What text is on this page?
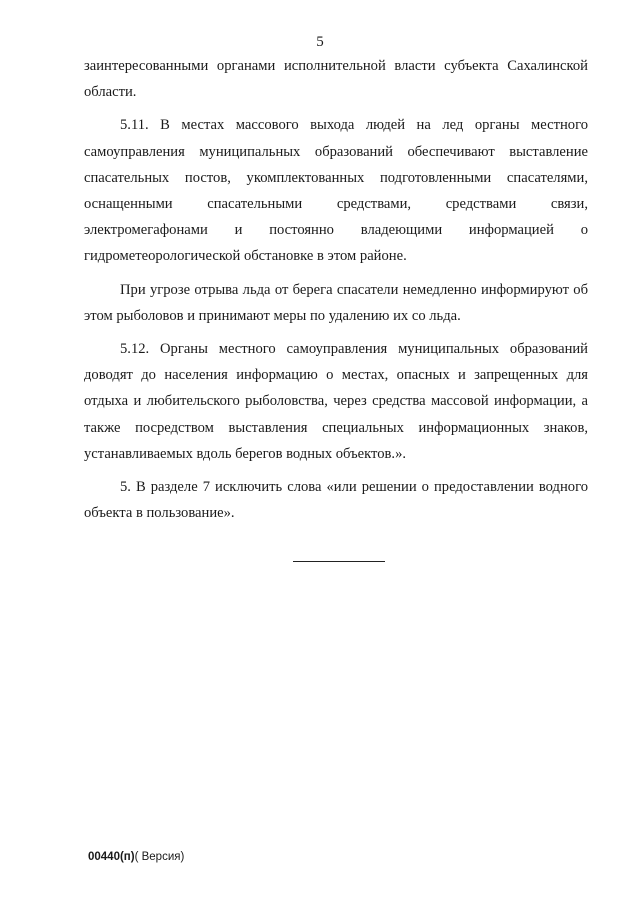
5

заинтересованными органами исполнительной власти субъекта Сахалинской области.

5.11. В местах массового выхода людей на лед органы местного самоуправления муниципальных образований обеспечивают выставление спасательных постов, укомплектованных подготовленными спасателями, оснащенными спасательными средствами, средствами связи, электромегафонами и постоянно владеющими информацией о гидрометеорологической обстановке в этом районе.

При угрозе отрыва льда от берега спасатели немедленно информируют об этом рыболовов и принимают меры по удалению их со льда.

5.12. Органы местного самоуправления муниципальных образований доводят до населения информацию о местах, опасных и запрещенных для отдыха и любительского рыболовства, через средства массовой информации, а также посредством выставления специальных информационных знаков, устанавливаемых вдоль берегов водных объектов.».

5. В разделе 7 исключить слова «или решении о предоставлении водного объекта в пользование».

00440(п)( Версия)
